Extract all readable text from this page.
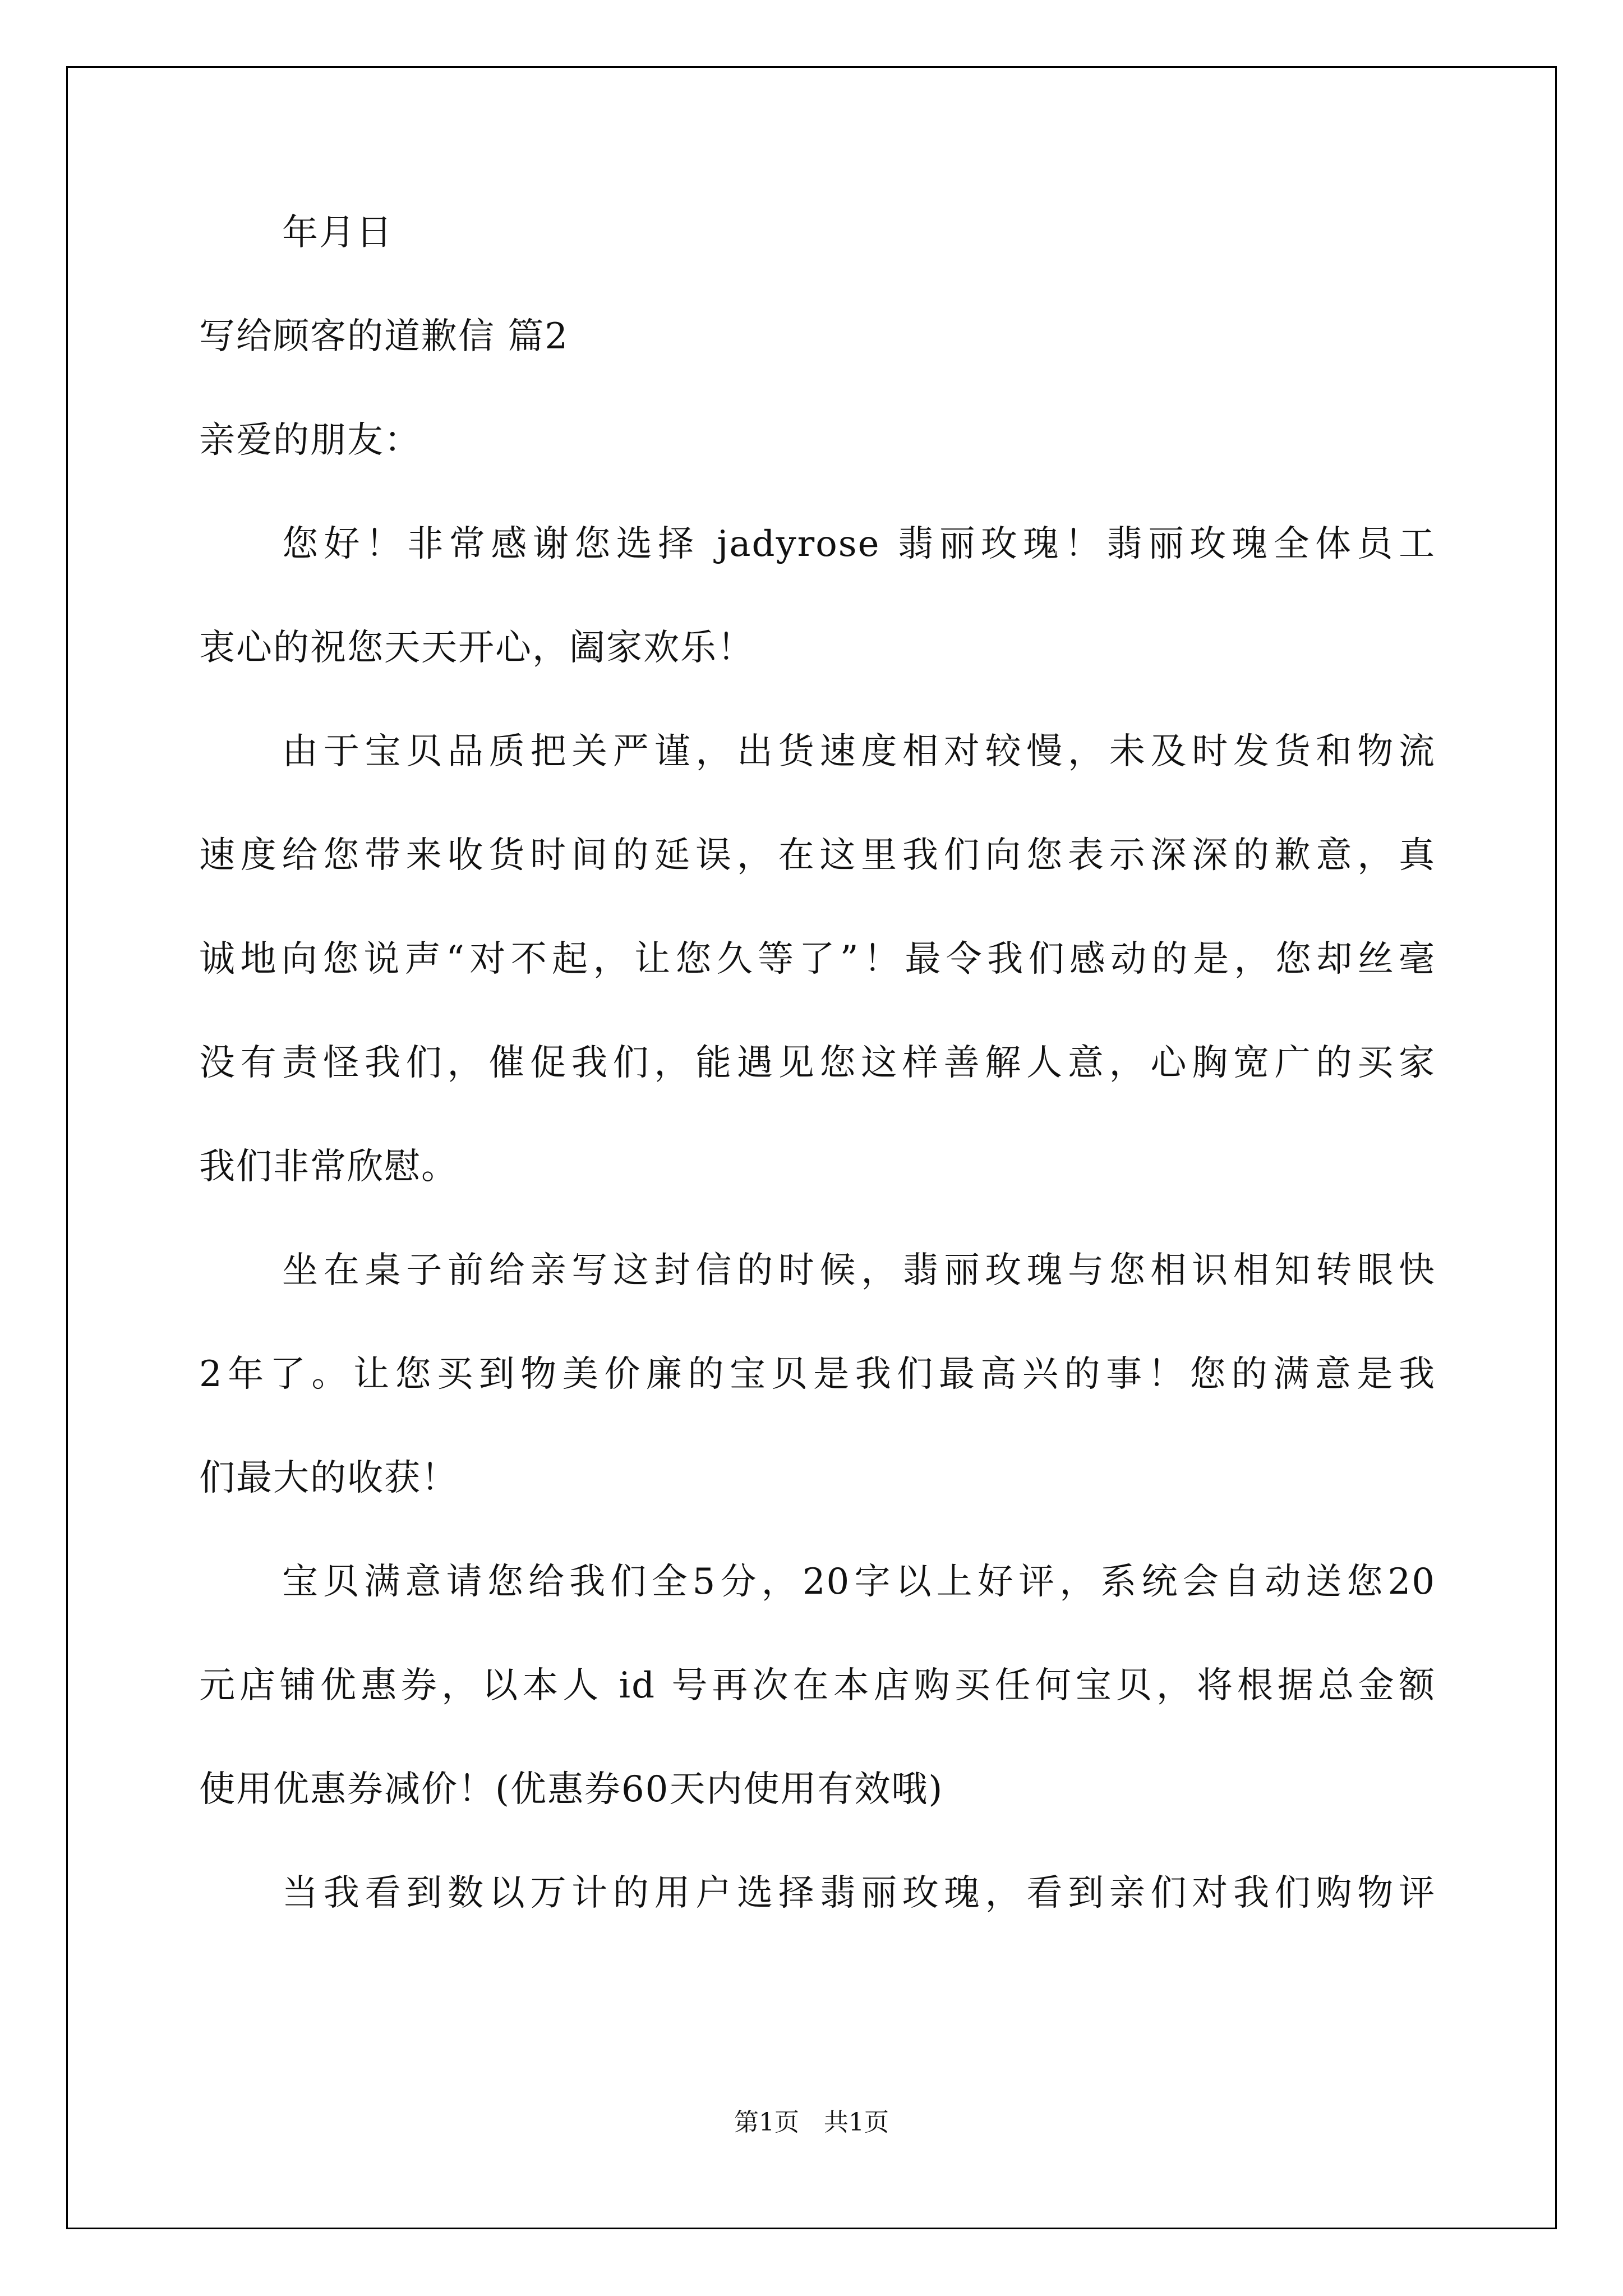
年月日
写给顾客的道歉信 篇2
亲爱的朋友：
您好！非常感谢您选择 jadyrose 翡丽玫瑰！翡丽玫瑰全体员工
衷心的祝您天天开心，阖家欢乐！
由于宝贝品质把关严谨，出货速度相对较慢，未及时发货和物流
速度给您带来收货时间的延误，在这里我们向您表示深深的歉意，真
诚地向您说声“对不起，让您久等了”！最令我们感动的是，您却丝毫
没有责怪我们，催促我们，能遇见您这样善解人意，心胸宽广的买家
我们非常欣慰。
坐在桌子前给亲写这封信的时候，翡丽玫瑰与您相识相知转眼快
2年了。让您买到物美价廉的宝贝是我们最高兴的事！您的满意是我
们最大的收获！
宝贝满意请您给我们全5分，20字以上好评，系统会自动送您20
元店铺优惠券，以本人 id 号再次在本店购买任何宝贝，将根据总金额
使用优惠券减价！(优惠券60天内使用有效哦)
当我看到数以万计的用户选择翡丽玫瑰，看到亲们对我们购物评
第1页　共1页
